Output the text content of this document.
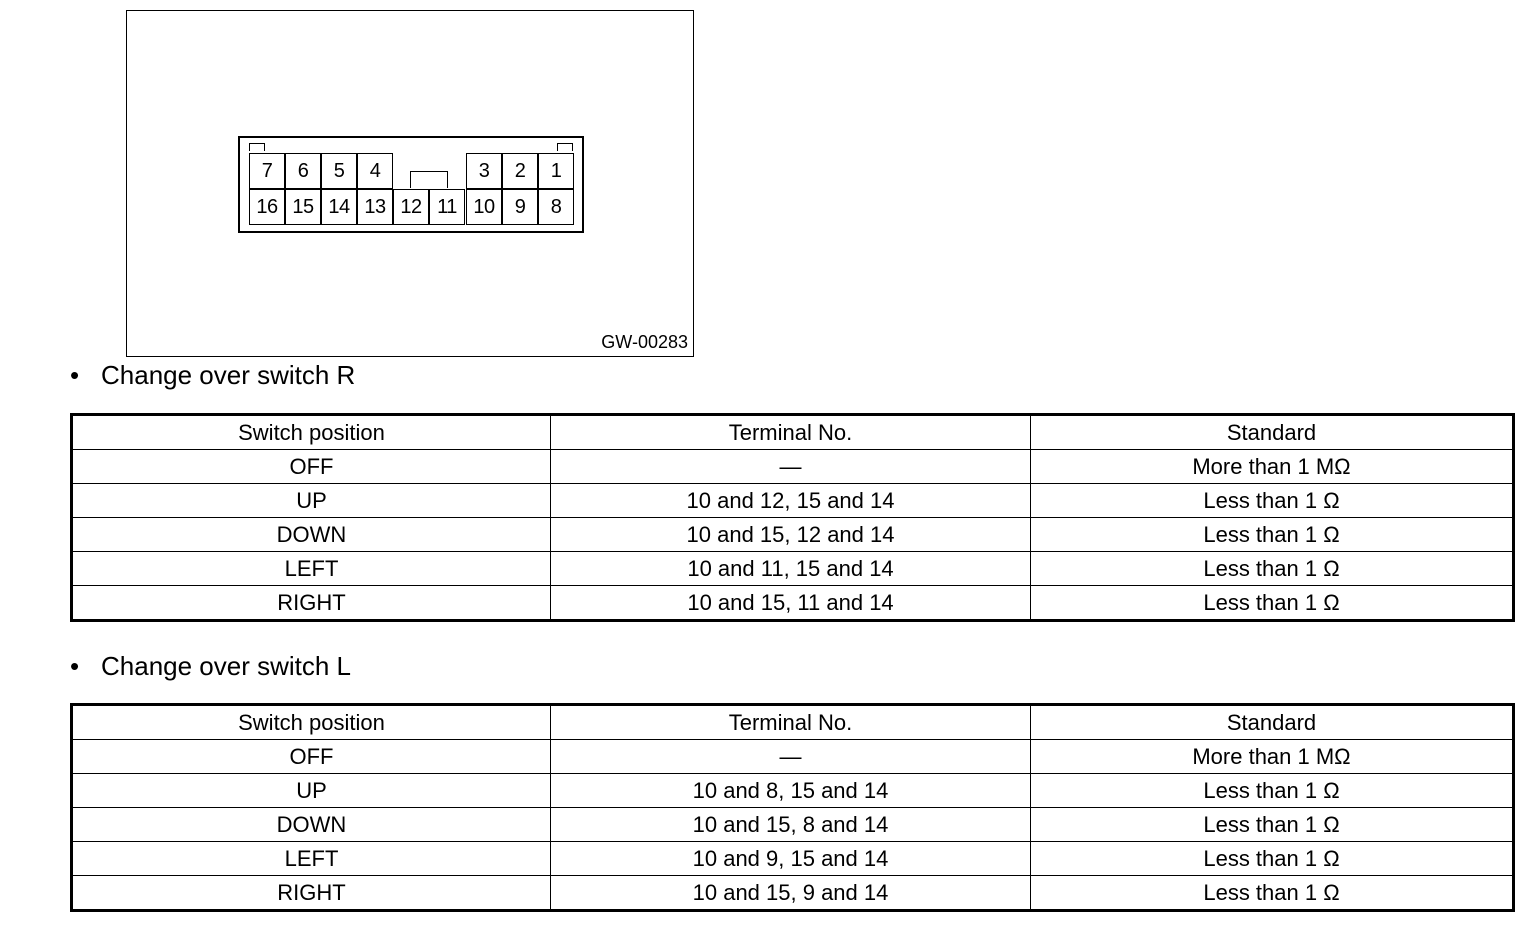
7	6	5	4	3	2	1
16 15 14 13 12 11 10	9	8
GW-00283
• Change over switch R
Switch position	Terminal No.	Standard
OFF	—	More than 1 MΩ
UP	10 and 12, 15 and 14	Less than 1 Ω
DOWN	10 and 15, 12 and 14	Less than 1 Ω
LEFT	10 and 11, 15 and 14	Less than 1 Ω
RIGHT	10 and 15, 11 and 14	Less than 1 Ω
• Change over switch L
Switch position	Terminal No.	Standard
OFF	—	More than 1 MΩ
UP	10 and 8, 15 and 14	Less than 1 Ω
DOWN	10 and 15, 8 and 14	Less than 1 Ω
LEFT	10 and 9, 15 and 14	Less than 1 Ω
RIGHT	10 and 15, 9 and 14	Less than 1 Ω
